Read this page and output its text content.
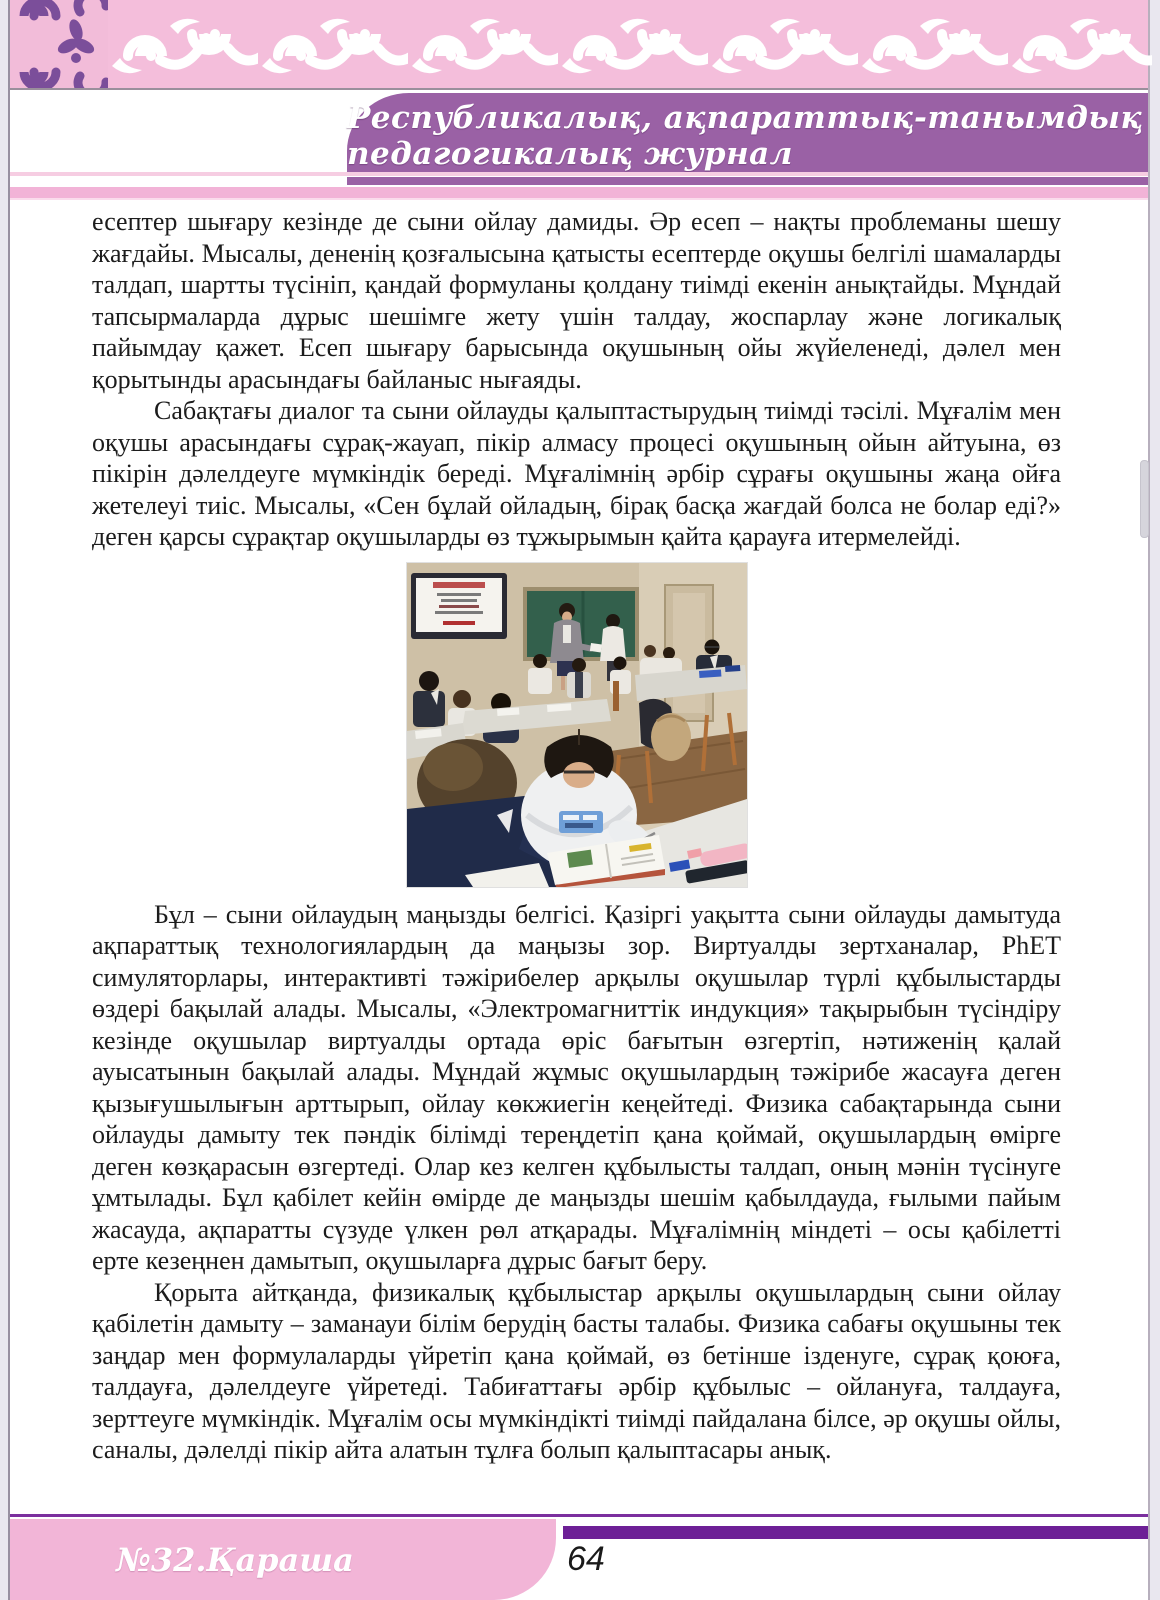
Республикалық, ақпараттық-танымдық педагогикалық журнал

есептер шығару кезінде де сыни ойлау дамиды. Әр есеп – нақты проблеманы шешу жағдайы. Мысалы, дененің қозғалысына қатысты есептерде оқушы белгілі шамаларды талдап, шартты түсініп, қандай формуланы қолдану тиімді екенін анықтайды. Мұндай тапсырмаларда дұрыс шешімге жету үшін талдау, жоспарлау және логикалық пайымдау қажет. Есеп шығару барысында оқушының ойы жүйеленеді, дәлел мен қорытынды арасындағы байланыс нығаяды.

Сабақтағы диалог та сыни ойлауды қалыптастырудың тиімді тәсілі. Мұғалім мен оқушы арасындағы сұрақ-жауап, пікір алмасу процесі оқушының ойын айтуына, өз пікірін дәлелдеуге мүмкіндік береді. Мұғалімнің әрбір сұрағы оқушыны жаңа ойға жетелеуі тиіс. Мысалы, «Сен бұлай ойладың, бірақ басқа жағдай болса не болар еді?» деген қарсы сұрақтар оқушыларды өз тұжырымын қайта қарауға итермелейді.

Бұл – сыни ойлаудың маңызды белгісі. Қазіргі уақытта сыни ойлауды дамытуда ақпараттық технологиялардың да маңызы зор. Виртуалды зертханалар, PhET симуляторлары, интерактивті тәжірибелер арқылы оқушылар түрлі құбылыстарды өздері бақылай алады. Мысалы, «Электромагниттік индукция» тақырыбын түсіндіру кезінде оқушылар виртуалды ортада өріс бағытын өзгертіп, нәтиженің қалай ауысатынын бақылай алады. Мұндай жұмыс оқушылардың тәжірибе жасауға деген қызығушылығын арттырып, ойлау көкжиегін кеңейтеді. Физика сабақтарында сыни ойлауды дамыту тек пәндік білімді тереңдетіп қана қоймай, оқушылардың өмірге деген көзқарасын өзгертеді. Олар кез келген құбылысты талдап, оның мәнін түсінуге ұмтылады. Бұл қабілет кейін өмірде де маңызды шешім қабылдауда, ғылыми пайым жасауда, ақпаратты сүзуде үлкен рөл атқарады. Мұғалімнің міндеті – осы қабілетті ерте кезеңнен дамытып, оқушыларға дұрыс бағыт беру.

Қорыта айтқанда, физикалық құбылыстар арқылы оқушылардың сыни ойлау қабілетін дамыту – заманауи білім берудің басты талабы. Физика сабағы оқушыны тек заңдар мен формулаларды үйретіп қана қоймай, өз бетінше ізденуге, сұрақ қоюға, талдауға, дәлелдеуге үйретеді. Табиғаттағы әрбір құбылыс – ойлануға, талдауға, зерттеуге мүмкіндік. Мұғалім осы мүмкіндікті тиімді пайдалана білсе, әр оқушы ойлы, саналы, дәлелді пікір айта алатын тұлға болып қалыптасары анық.

№32.Қараша	64
